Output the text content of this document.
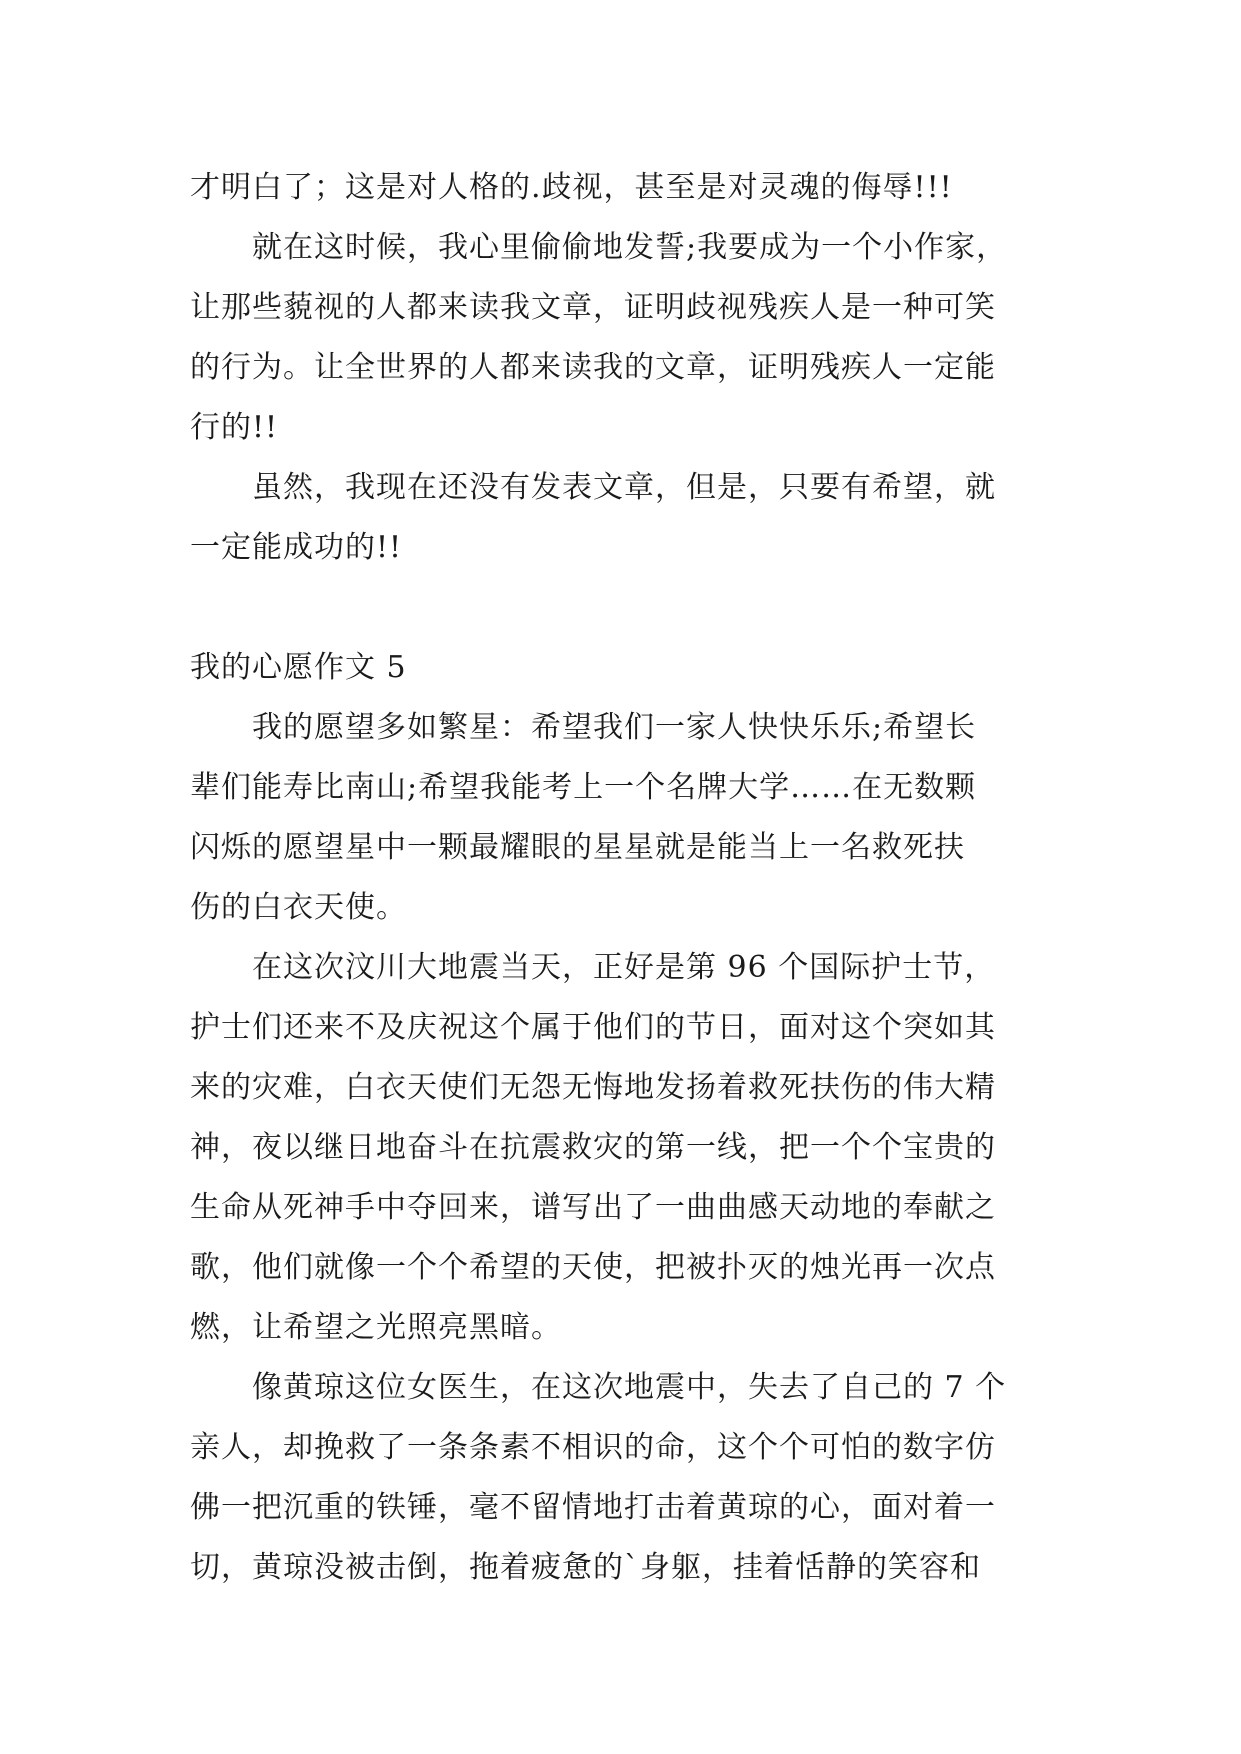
才明白了；这是对人格的.歧视，甚至是对灵魂的侮辱!!!
　　就在这时候，我心里偷偷地发誓;我要成为一个小作家，
让那些藐视的人都来读我文章，证明歧视残疾人是一种可笑
的行为。让全世界的人都来读我的文章，证明残疾人一定能
行的!!
　　虽然，我现在还没有发表文章，但是，只要有希望，就
一定能成功的!!
我的心愿作文 5
　　我的愿望多如繁星：希望我们一家人快快乐乐;希望长
辈们能寿比南山;希望我能考上一个名牌大学……在无数颗
闪烁的愿望星中一颗最耀眼的星星就是能当上一名救死扶
伤的白衣天使。
　　在这次汶川大地震当天，正好是第 96 个国际护士节，
护士们还来不及庆祝这个属于他们的节日，面对这个突如其
来的灾难，白衣天使们无怨无悔地发扬着救死扶伤的伟大精
神，夜以继日地奋斗在抗震救灾的第一线，把一个个宝贵的
生命从死神手中夺回来，谱写出了一曲曲感天动地的奉献之
歌，他们就像一个个希望的天使，把被扑灭的烛光再一次点
燃，让希望之光照亮黑暗。
　　像黄琼这位女医生，在这次地震中，失去了自己的 7 个
亲人，却挽救了一条条素不相识的命，这个个可怕的数字仿
佛一把沉重的铁锤，毫不留情地打击着黄琼的心，面对着一
切，黄琼没被击倒，拖着疲惫的`身躯，挂着恬静的笑容和
